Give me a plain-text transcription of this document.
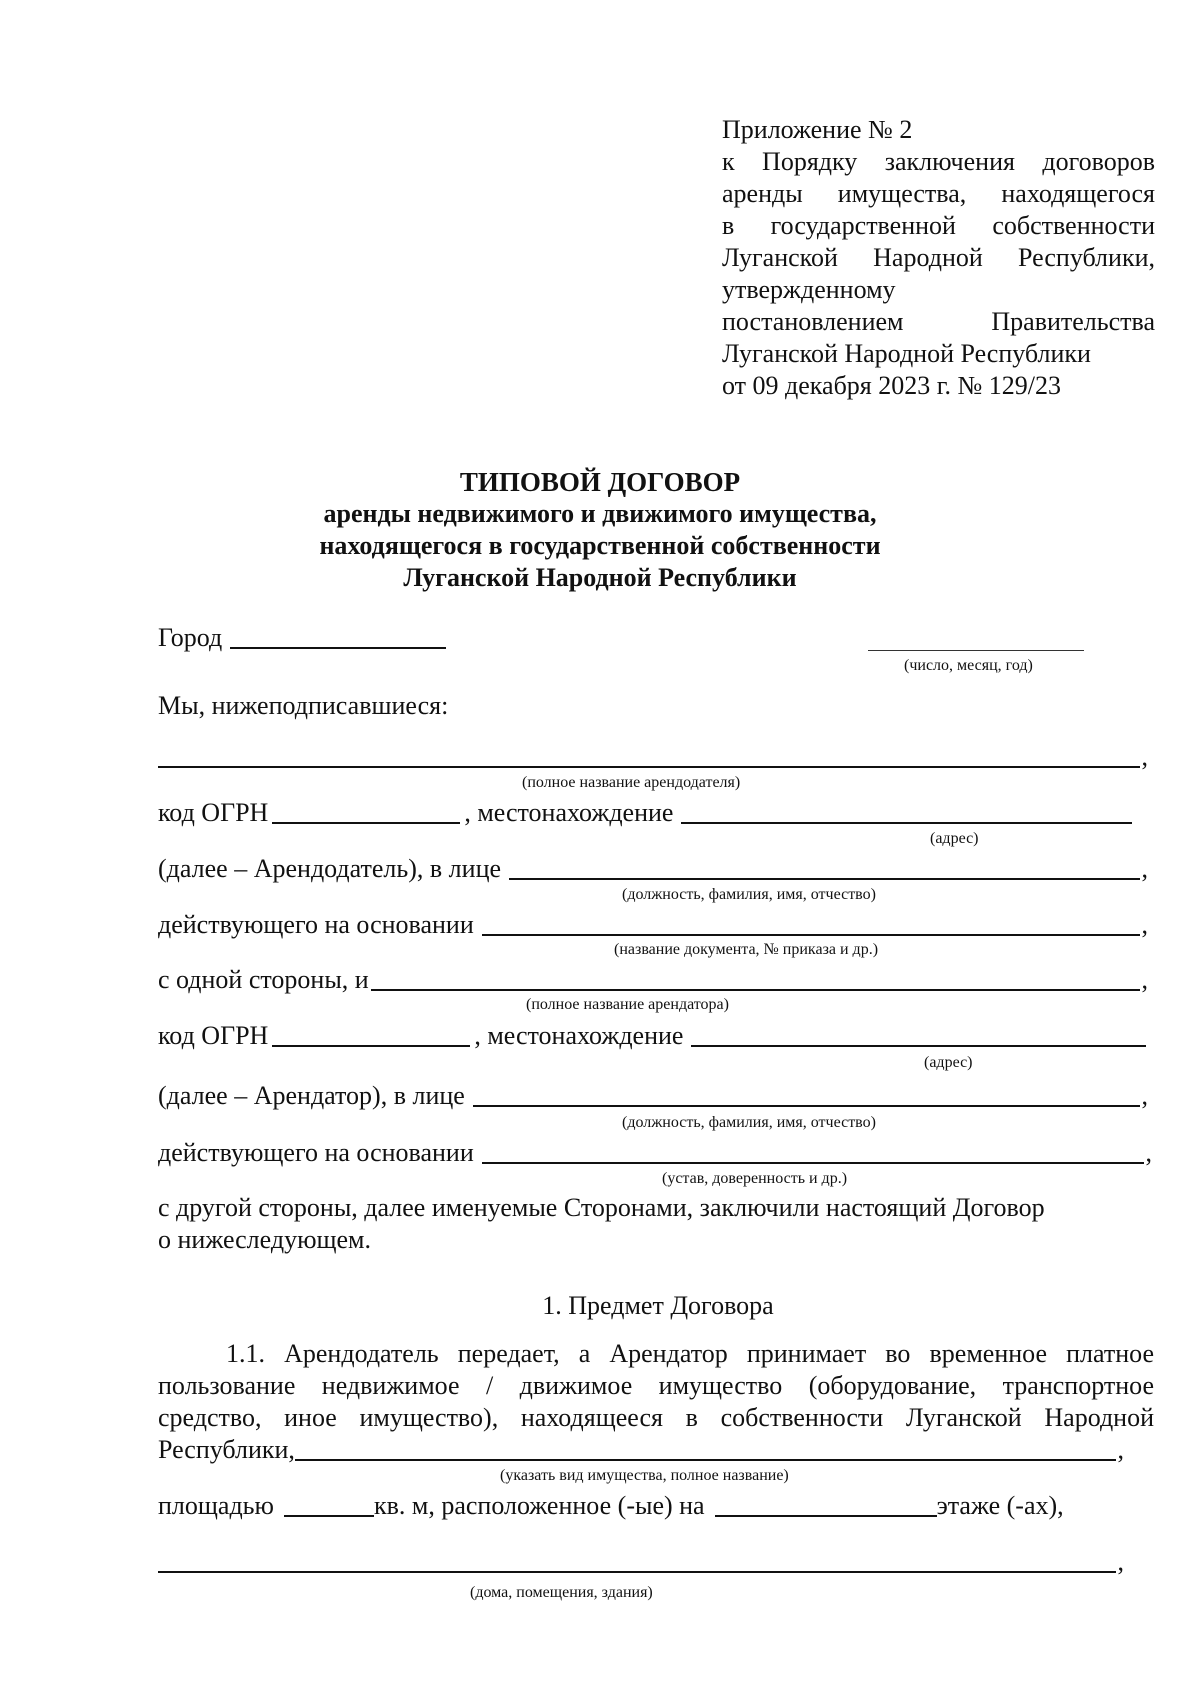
Приложение № 2
к Порядку заключения договоров
аренды имущества, находящегося
в государственной собственности
Луганской Народной Республики,
утвержденному
постановлением Правительства
Луганской Народной Республики
от 09 декабря 2023 г. № 129/23
ТИПОВОЙ ДОГОВОР
аренды недвижимого и движимого имущества,
находящегося в государственной собственности
Луганской Народной Республики
Город
(число, месяц, год)
Мы, нижеподписавшиеся:
,
(полное название арендодателя)
код ОГРН	, местонахождение
(адрес)
(далее – Арендодатель), в лице	,
(должность, фамилия, имя, отчество)
действующего на основании	,
(название документа, № приказа и др.)
с одной стороны, и	,
(полное название арендатора)
код ОГРН	, местонахождение
(адрес)
(далее – Арендатор), в лице	,
(должность, фамилия, имя, отчество)
действующего на основании	,
(устав, доверенность и др.)
с другой стороны, далее именуемые Сторонами, заключили настоящий Договор
о нижеследующем.
1. Предмет Договора
1.1. Арендодатель передает, а Арендатор принимает во временное платное
пользование недвижимое / движимое имущество (оборудование, транспортное
средство, иное имущество), находящееся в собственности Луганской Народной
Республики,	,
(указать вид имущества, полное название)
площадью	кв. м, расположенное (-ые) на	этаже (-ах),
,
(дома, помещения, здания)
